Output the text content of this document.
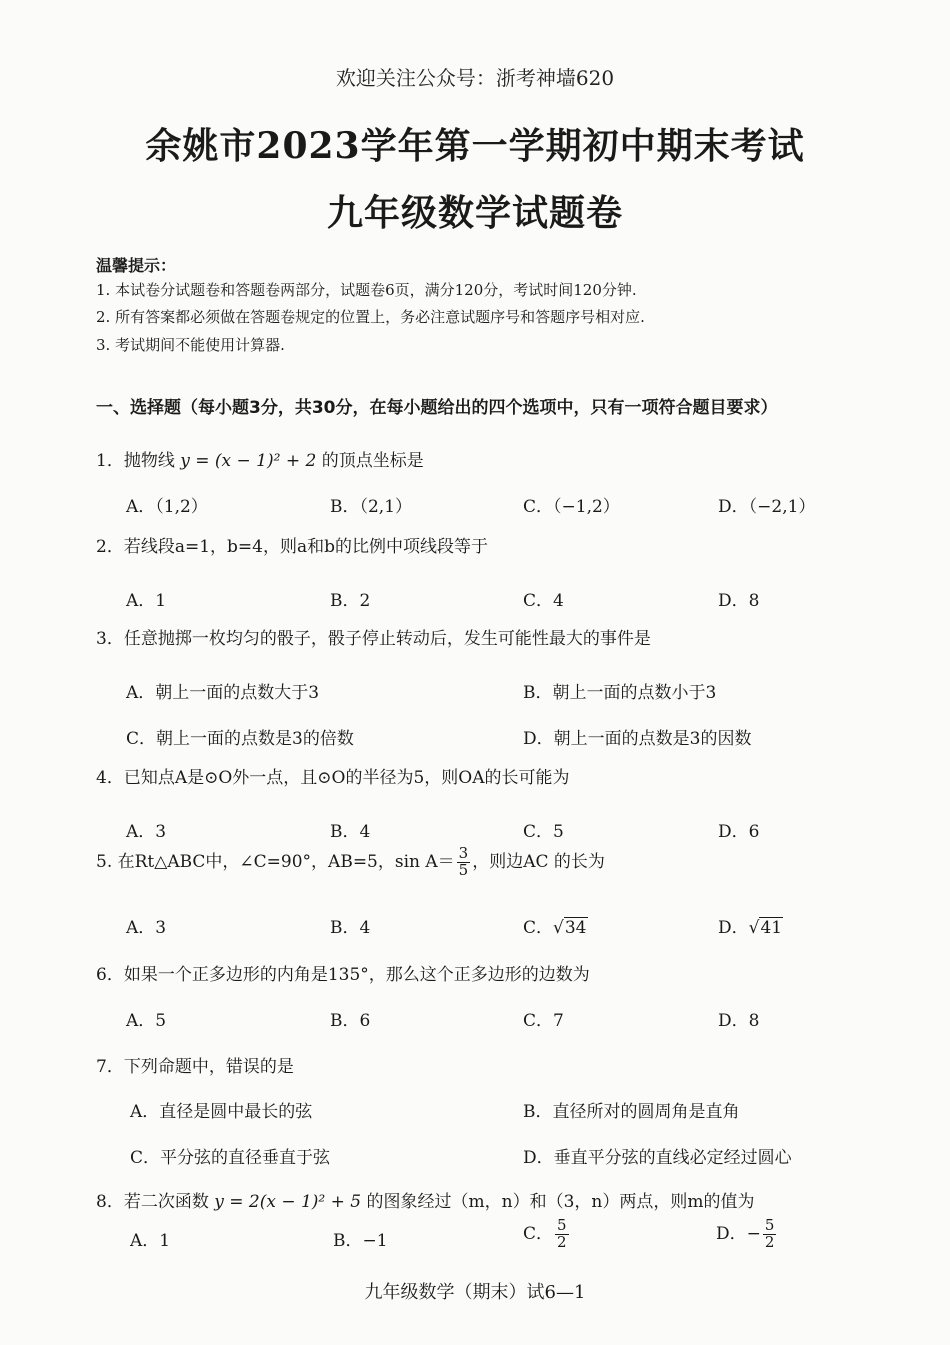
欢迎关注公众号：浙考神墙620
余姚市2023学年第一学期初中期末考试
九年级数学试题卷
温馨提示：
1. 本试卷分试题卷和答题卷两部分，试题卷6页，满分120分，考试时间120分钟.
2. 所有答案都必须做在答题卷规定的位置上，务必注意试题序号和答题序号相对应.
3. 考试期间不能使用计算器.
一、选择题（每小题3分，共30分，在每小题给出的四个选项中，只有一项符合题目要求）
1．抛物线 y = (x − 1)² + 2 的顶点坐标是
A．（1,2）	B．（2,1）	C．（−1,2）	D．（−2,1）
2．若线段a=1，b=4，则a和b的比例中项线段等于
A．1	B．2	C．4	D．8
3．任意抛掷一枚均匀的骰子，骰子停止转动后，发生可能性最大的事件是
A．朝上一面的点数大于3	B．朝上一面的点数小于3
C．朝上一面的点数是3的倍数	D．朝上一面的点数是3的因数
4．已知点A是⊙O外一点，且⊙O的半径为5，则OA的长可能为
A．3	B．4	C．5	D．6
5. 在Rt△ABC中，∠C=90°，AB=5，$\sin A= \frac{3}{5}$ ，则边AC 的长为
A．3	B．4	C．√34	D．√41
6．如果一个正多边形的内角是135°，那么这个正多边形的边数为
A．5	B．6	C．7	D．8
7．下列命题中，错误的是
A．直径是圆中最长的弦	B．直径所对的圆周角是直角
C．平分弦的直径垂直于弦	D．垂直平分弦的直线必定经过圆心
8．若二次函数 y = 2(x − 1)² + 5 的图象经过（m，n）和（3，n）两点，则m的值为
A．1	B．−1	C． $\frac{5}{2}$	D．− $\frac{5}{2}$
九年级数学（期末）试6—1
